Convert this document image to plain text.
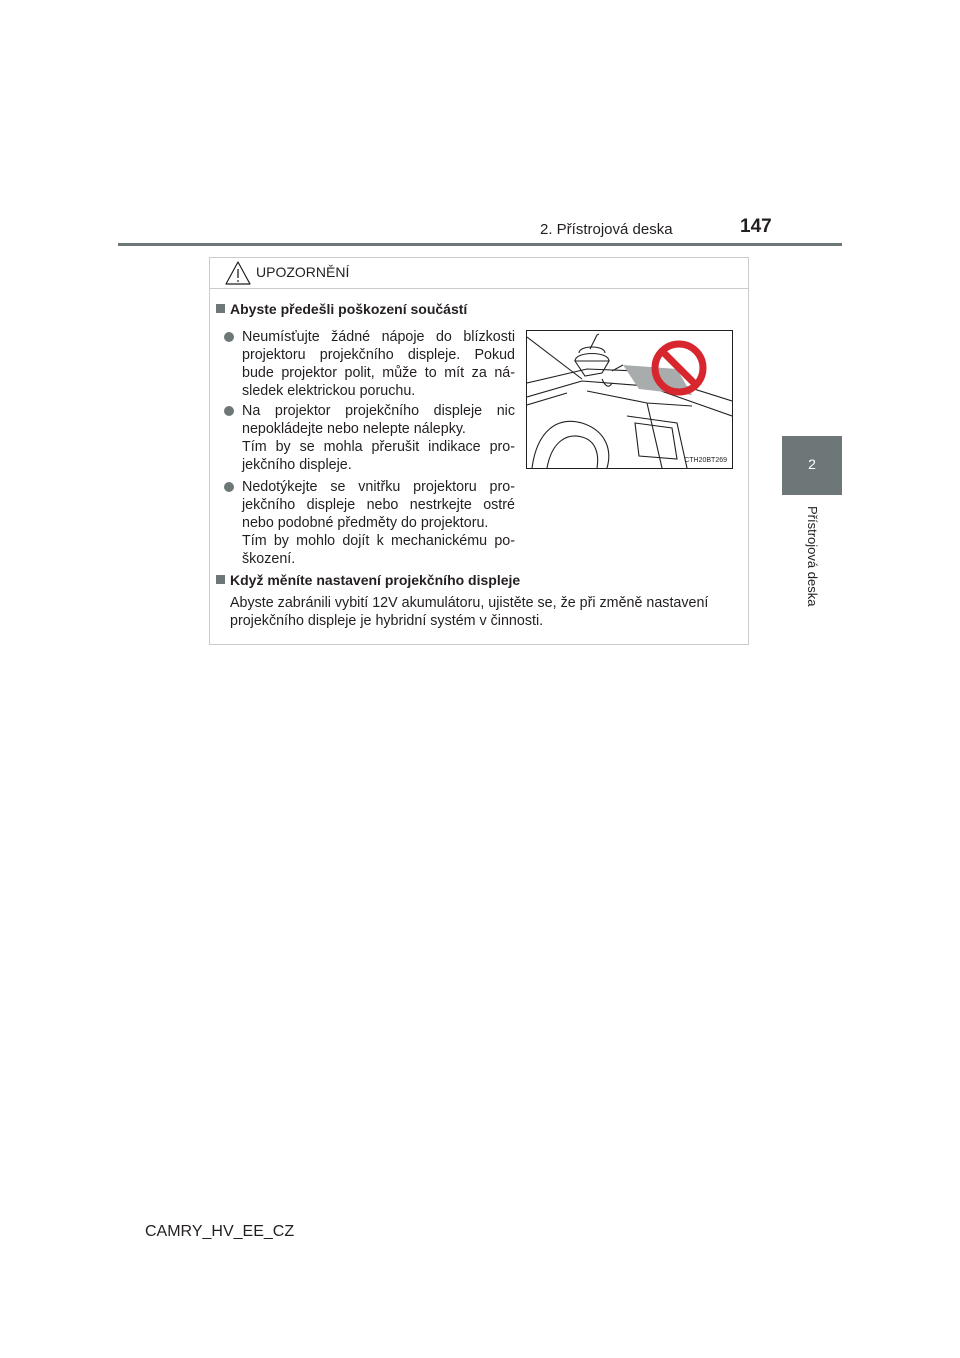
2. Přístrojová deska	147
2
Přístrojová deska
UPOZORNĚNÍ
Abyste předešli poškození součástí
Neumísťujte žádné nápoje do blízkosti projektoru projekčního displeje. Pokud bude projektor polit, může to mít za ná-sledek elektrickou poruchu.
Na projektor projekčního displeje nic nepokládejte nebo nelepte nálepky.
Tím by se mohla přerušit indikace pro-jekčního displeje.
Nedotýkejte se vnitřku projektoru pro-jekčního displeje nebo nestrkejte ostré nebo podobné předměty do projektoru.
Tím by mohlo dojít k mechanickému po-škození.
CTH20BT269
Když měníte nastavení projekčního displeje
Abyste zabránili vybití 12V akumulátoru, ujistěte se, že při změně nastavení projekčního displeje je hybridní systém v činnosti.
CAMRY_HV_EE_CZ
